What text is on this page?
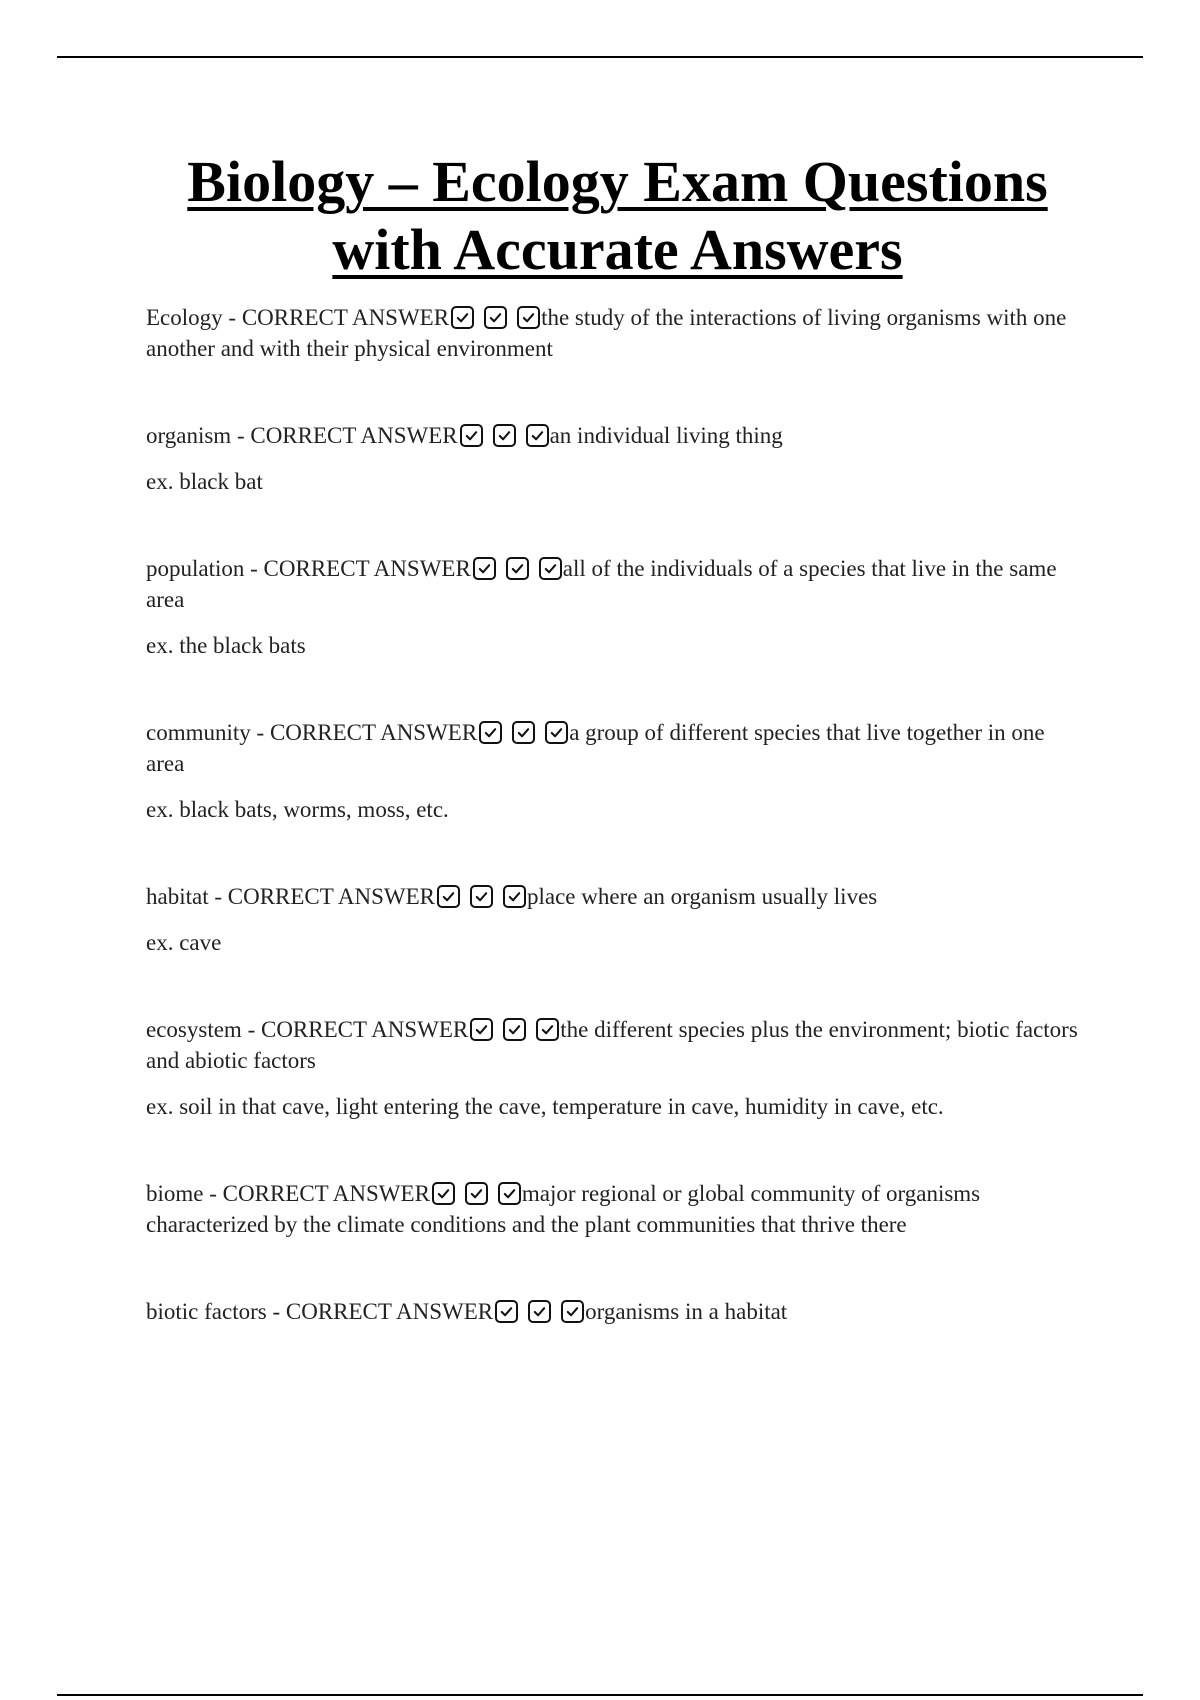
Biology – Ecology Exam Questions
with Accurate Answers

Ecology - CORRECT ANSWER	the study of the interactions of living organisms with one another and with their physical environment

organism - CORRECT ANSWER	an individual living thing

ex. black bat

population - CORRECT ANSWER	all of the individuals of a species that live in the same area

ex. the black bats

community - CORRECT ANSWER	a group of different species that live together in one area

ex. black bats, worms, moss, etc.

habitat - CORRECT ANSWER	place where an organism usually lives

ex. cave

ecosystem - CORRECT ANSWER	the different species plus the environment; biotic factors and abiotic factors

ex. soil in that cave, light entering the cave, temperature in cave, humidity in cave, etc.

biome - CORRECT ANSWER	major regional or global community of organisms characterized by the climate conditions and the plant communities that thrive there

biotic factors - CORRECT ANSWER	organisms in a habitat
